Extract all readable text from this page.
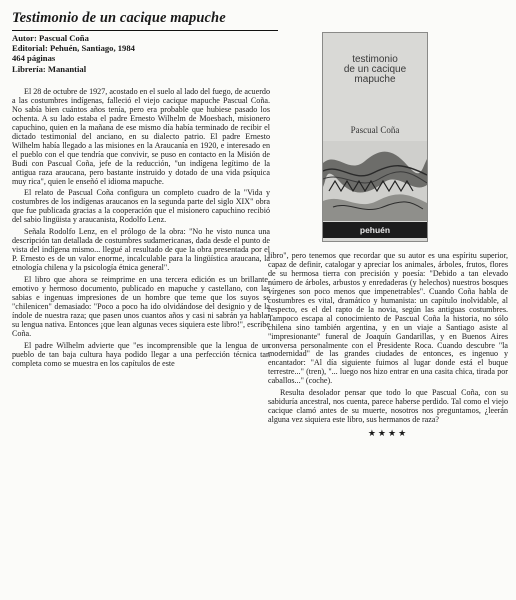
Testimonio de un cacique mapuche
Autor: Pascual Coña
Editorial: Pehuén, Santiago, 1984
464 páginas
Librería: Manantial
testimonio
de un cacique
mapuche
Pascual Coña
pehuén

El 28 de octubre de 1927, acostado en el suelo al lado del fuego, de acuerdo a las costumbres indígenas, falleció el viejo cacique mapuche Pascual Coña. No sabía bien cuántos años tenía, pero era probable que hubiese pasado los ochenta. A su lado estaba el padre Ernesto Wilhelm de Moesbach, misionero capuchino, quien en la mañana de ese mismo día había terminado de recibir el dictado testimonial del anciano, en su dialecto patrio. El padre Ernesto Wilhelm había llegado a las misiones en la Araucanía en 1920, e interesado en el pueblo con el que tendría que convivir, se puso en contacto en la Misión de Budi con Pascual Coña, jefe de la reducción, "un indígena legítimo de la antigua raza araucana, pero bastante instruido y dotado de una vida psíquica muy rica", quien le enseñó el idioma mapuche.

El relato de Pascual Coña configura un completo cuadro de la "Vida y costumbres de los indígenas araucanos en la segunda parte del siglo XIX" obra que fue publicada gracias a la cooperación que el misionero capuchino recibió del sabio lingüista y araucanista, Rodolfo Lenz.

Señala Rodolfo Lenz, en el prólogo de la obra: "No he visto nunca una descripción tan detallada de costumbres sudamericanas, dada desde el punto de vista del indígena mismo... llegué al resultado de que la obra presentada por el P. Ernesto es de un valor enorme, incalculable para la lingüística araucana, la etnología chilena y la psicología étnica general".

El libro que ahora se reimprime en una tercera edición es un brillante, emotivo y hermoso documento, publicado en mapuche y castellano, con las sabias e ingenuas impresiones de un hombre que teme que los suyos se "chilenicen" demasiado: "Poco a poco ha ido olvidándose del designio y de la índole de nuestra raza; que pasen unos cuantos años y casi ni sabrán ya hablar su lengua nativa. Entonces ¡que lean algunas veces siquiera este libro!", escribe Coña.

El padre Wilhelm advierte que "es incomprensible que la lengua de un pueblo de tan baja cultura haya podido llegar a una perfección técnica tan completa como se muestra en los capítulos de este

libro", pero tenemos que recordar que su autor es una espíritu superior, capaz de definir, catalogar y apreciar los animales, árboles, frutos, flores de su hermosa tierra con precisión y poesía: "Debido a tan elevado número de árboles, arbustos y enredaderas (y helechos) nuestros bosques vírgenes son poco menos que impenetrables". Cuando Coña habla de costumbres es vital, dramático y humanista: un capítulo inolvidable, al respecto, es el del rapto de la novia, según las antiguas costumbres. Tampoco escapa al conocimiento de Pascual Coña la historia, no sólo chilena sino también argentina, y en un viaje a Santiago asiste al "impresionante" funeral de Joaquín Gandarillas, y en Buenos Aires conversa personalmente con el Presidente Roca. Cuando descubre "la modernidad" de las grandes ciudades de entonces, es ingenuo y encantador: "Al día siguiente fuimos al lugar donde está el buque terrestre..." (tren), "... luego nos hizo entrar en una casita chica, tirada por caballos..." (coche).

Resulta desolador pensar que todo lo que Pascual Coña, con su sabiduría ancestral, nos cuenta, parece haberse perdido. Tal como el viejo cacique clamó antes de su muerte, nosotros nos preguntamos, ¿leerán alguna vez siquiera este libro, sus hermanos de raza?

★★★★
